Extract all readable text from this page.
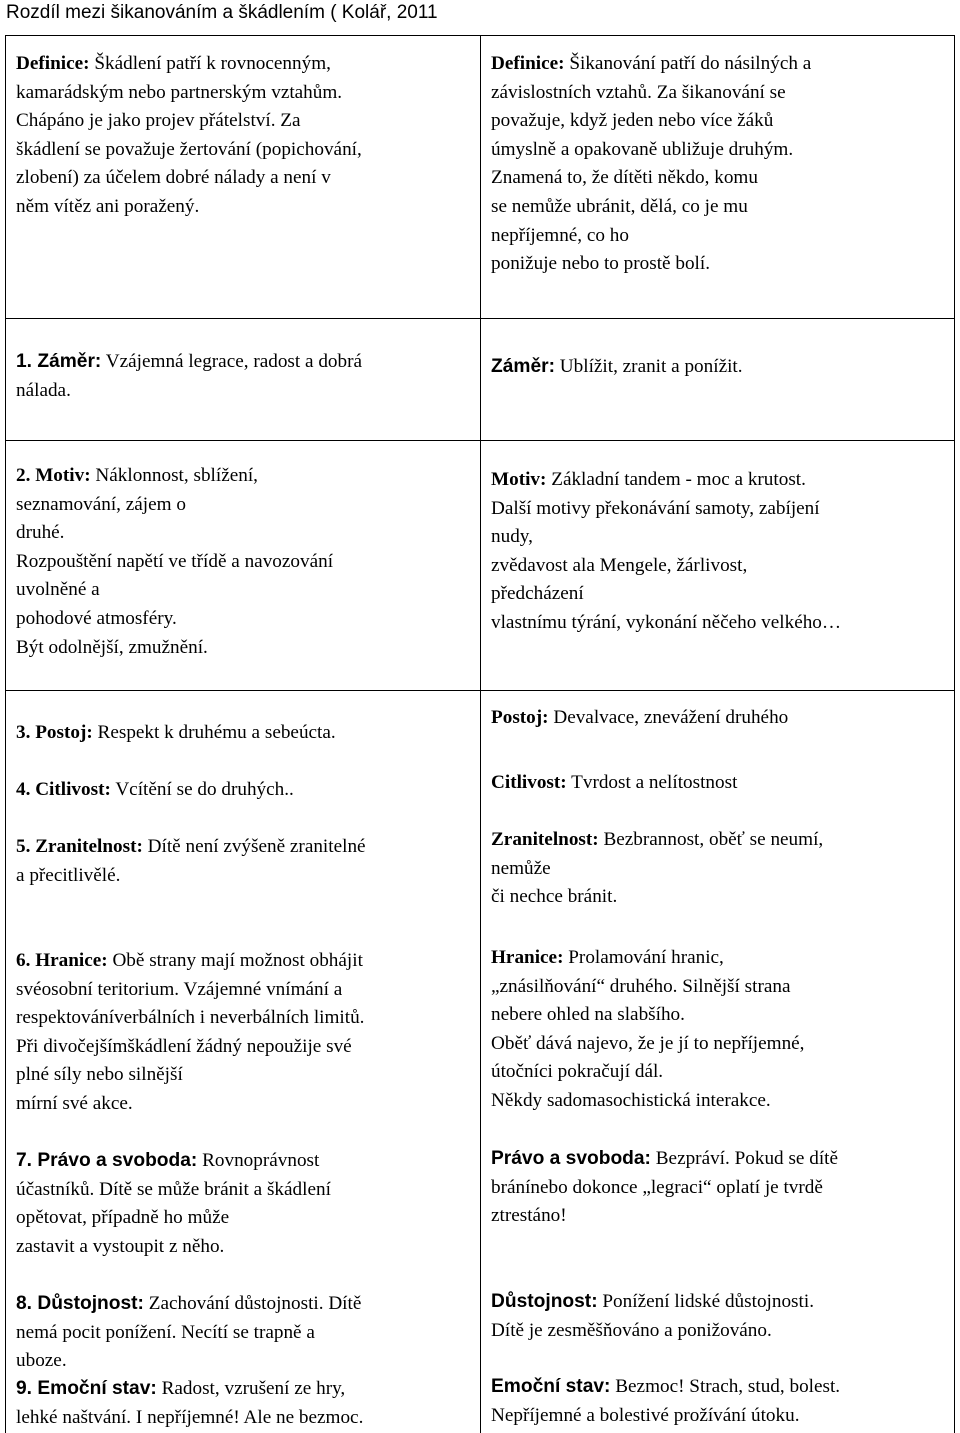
Rozdíl mezi šikanováním a škádlením ( Kolář, 2011
Definice: Škádlení patří k rovnocenným,
kamarádským nebo partnerským vztahům.
Chápáno je jako projev přátelství. Za
škádlení se považuje žertování (popichování,
zlobení) za účelem dobré nálady a není v
něm vítěz ani poražený.
1. Záměr: Vzájemná legrace, radost a dobrá
nálada.
2. Motiv: Náklonnost, sblížení,
seznamování, zájem o
druhé.
Rozpouštění napětí ve třídě a navozování
uvolněné a
pohodové atmosféry.
Být odolnější, zmužnění.
3. Postoj: Respekt k druhému a sebeúcta.
4. Citlivost: Vcítění se do druhých..
5. Zranitelnost: Dítě není zvýšeně zranitelné
a přecitlivělé.
6. Hranice: Obě strany mají možnost obhájit
svéosobní teritorium. Vzájemné vnímání a
respektováníverbálních i neverbálních limitů.
Při divočejšímškádlení žádný nepoužije své
plné síly nebo silnější
mírní své akce.
7. Právo a svoboda: Rovnoprávnost
účastníků. Dítě se může bránit a škádlení
opětovat, případně ho může
zastavit a vystoupit z něho.
8. Důstojnost: Zachování důstojnosti. Dítě
nemá pocit ponížení. Necítí se trapně a
uboze.
9. Emoční stav: Radost, vzrušení ze hry,
lehké naštvání. I nepříjemné! Ale ne bezmoc.
Definice: Šikanování patří do násilných a
závislostních vztahů. Za šikanování se
považuje, když jeden nebo více žáků
úmyslně a opakovaně ubližuje druhým.
Znamená to, že dítěti někdo, komu
se nemůže ubránit, dělá, co je mu
nepříjemné, co ho
ponižuje nebo to prostě bolí.
Záměr: Ublížit, zranit a ponížit.
Motiv: Základní tandem - moc a krutost.
Další motivy překonávání samoty, zabíjení
nudy,
zvědavost ala Mengele, žárlivost,
předcházení
vlastnímu týrání, vykonání něčeho velkého…
Postoj: Devalvace, znevážení druhého
Citlivost: Tvrdost a nelítostnost
Zranitelnost: Bezbrannost, oběť se neumí,
nemůže
či nechce bránit.
Hranice: Prolamování hranic,
„znásilňování“ druhého. Silnější strana
nebere ohled na slabšího.
Oběť dává najevo, že je jí to nepříjemné,
útočníci pokračují dál.
Někdy sadomasochistická interakce.
Právo a svoboda: Bezpráví. Pokud se dítě
bránínebo dokonce „legraci“ oplatí je tvrdě
ztrestáno!
Důstojnost: Ponížení lidské důstojnosti.
Dítě je zesměšňováno a ponižováno.
Emoční stav: Bezmoc! Strach, stud, bolest.
Nepříjemné a bolestivé prožívání útoku.
